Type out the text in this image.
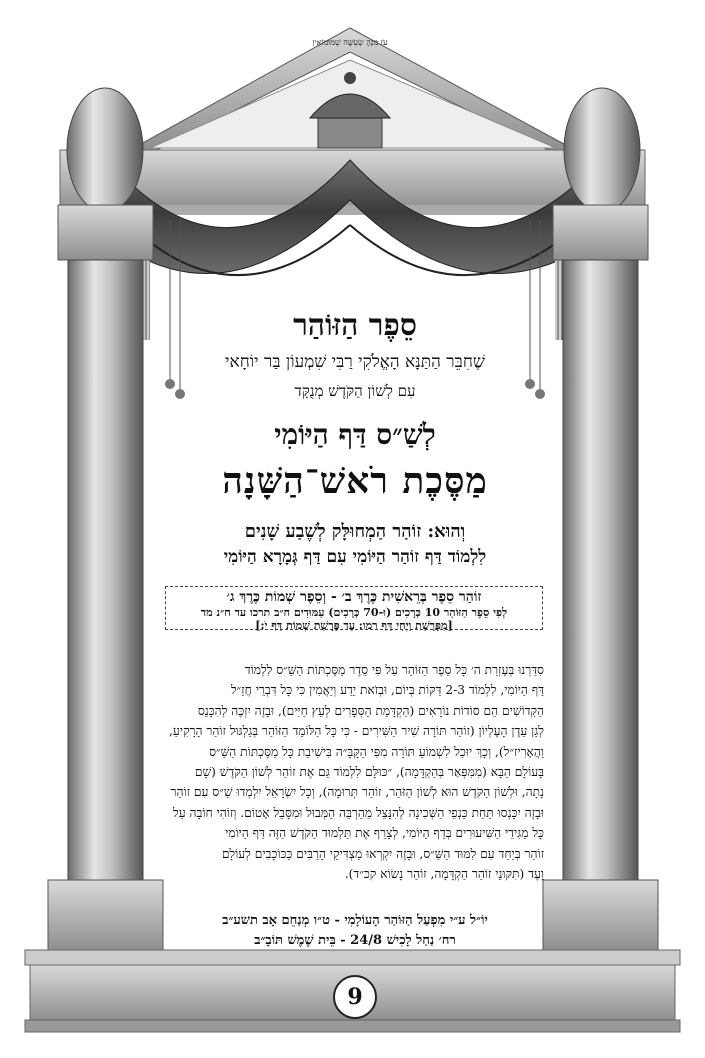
עֹז מִנְּהָ שְׂעִשָּׁה שְׁמוּמוֹאִין
סֵפֶר הַזּוֹהַר
שֶׁחִבֵּר הַתַּנָּא הָאֱלֹקִי רַבִּי שִׁמְעוֹן בַּר יוֹחָאי
עִם לְשׁוֹן הַקֹּדֶשׁ מְנֻקָּד
לְשַׁ״ס דַּף הַיּוֹמִי
מַסֶּכֶת רֹאשׁ־הַשָּׁנָה
וְהוּא: זוֹהַר הַמְחוּלָּק לְשֶׁבַע שָׁנִים
לִלְמוֹד דַּף זוֹהַר הַיּוֹמִי עִם דַּף גְּמָרָא הַיּוֹמִי
זוֹהַר סֵפֶר בְּרֵאשִׁית כֶּרֶךְ ב׳ - וְסֵפֶר שְׁמוֹת כֶּרֶךְ ג׳
לְפִי סֵפֶר הַזּוֹהַר 10 כְּרָכִים (וּ-70 כְּרָכִים) עַמּוּדִים ח״ב תרכו עד ח״נ מד
[מִפָּרָשַׁת וַיְחִי דַּף רמו: עַד פָּרָשַׁת שְׁמוֹת דַּף יֹ:]
סִדַּרְנוּ בְּעֶזְרַת ה׳ כָּל סֵפֶר הַזּוֹהַר עַל פִּי סֵדֶר מַסֶּכְתּוֹת הַשַּׁ״ס לִלְמוֹד
דַּף הַיּוֹמִי, לִלְמוֹד 2-3 דַּקּוֹת בְּיוֹם, וּבְזֹאת יֵדַע וְיַאֲמִין כִּי כָּל דִּבְרֵי חֲזַ״ל
הַקְּדוֹשִׁים הֵם סוֹדוֹת נוֹרָאִים (הַקְדָּמַת הַסְּפָרִים לְעֵץ חַיִּים), וּבָזֶה יִזְכֶּה לְהִכָּנֵס
לְגַן עֵדֶן הָעֶלְיוֹן (זוֹהַר תּוֹרָה שִׁיר הַשִּׁירִים - כִּי כָּל הַלּוֹמֵד הַזּוֹהַר בְּגַלְגּוּל זוֹהַר הָרָקִיעַ,
וַהֲאָרִיז״ל), וְכָךְ יוּכַל לִשְׁמוֹעַ תּוֹרָה מִפִּי הַקָּבָּ״ה בִּישִׁיבַת כָּל מַסֶּכְתּוֹת הַשַּׁ״ס
בָּעוֹלָם הַבָּא (מִמִּפְּאַר בְּהַקְדָּמָה), ״כּוּלָּם לִלְמוֹד גַּם אֶת זוֹהַר לְשׁוֹן הַקֹּדֶשׁ (שָׁם
נָתָה, וּלְשׁוֹן הַקֹּדֶשׁ הוּא לְשׁוֹן הַזֹּהַר, זוֹהַר תְּרוּמָה), וְכָל יִשְׂרָאֵל יִלְמְדוּ שַׁ״ס עִם זוֹהַר
וּבָזֶה יִכָּנְסוּ תַּחַת כַּנְפֵי הַשְּׁכִינָה לְהִנָּצֵל מֵהַרְבֵּה הַמְּבוּל וּמִסָּבֵל אָטוֹם. וְזוֹהִי חוֹבָה עַל
כָּל מַגִּידֵי הַשִּׁיעוּרִים בְּדַף הַיּוֹמִי, לְצָרֵף אֶת תַּלְמוּד הַקֹּדֶשׁ הַזֶּה דַּף הַיּוֹמִי
זוֹהַר בְּיַחַד עִם לִמּוּד הַשַּׁ״ס, וּבָזֶה יִקְרְאוּ מַצְדִּיקֵי הָרַבִּים כַּכּוֹכָבִים לְעוֹלָם
וָעֶד (תִּקּוּנֵי זוֹהַר הַקְדָּמָה, זוֹהַר נָשׂוֹא קכ״ד).
יוֹ״ל ע״י מִפְעַל הַזּוֹהַר הָעוֹלָמִי - ט״ו מְנַחֵם אָב תשע״ב
רח׳ נַחַל לָכִישׁ 24/8 - בֵּית שֶׁמֶשׁ תּוֹבָ״ב
9
